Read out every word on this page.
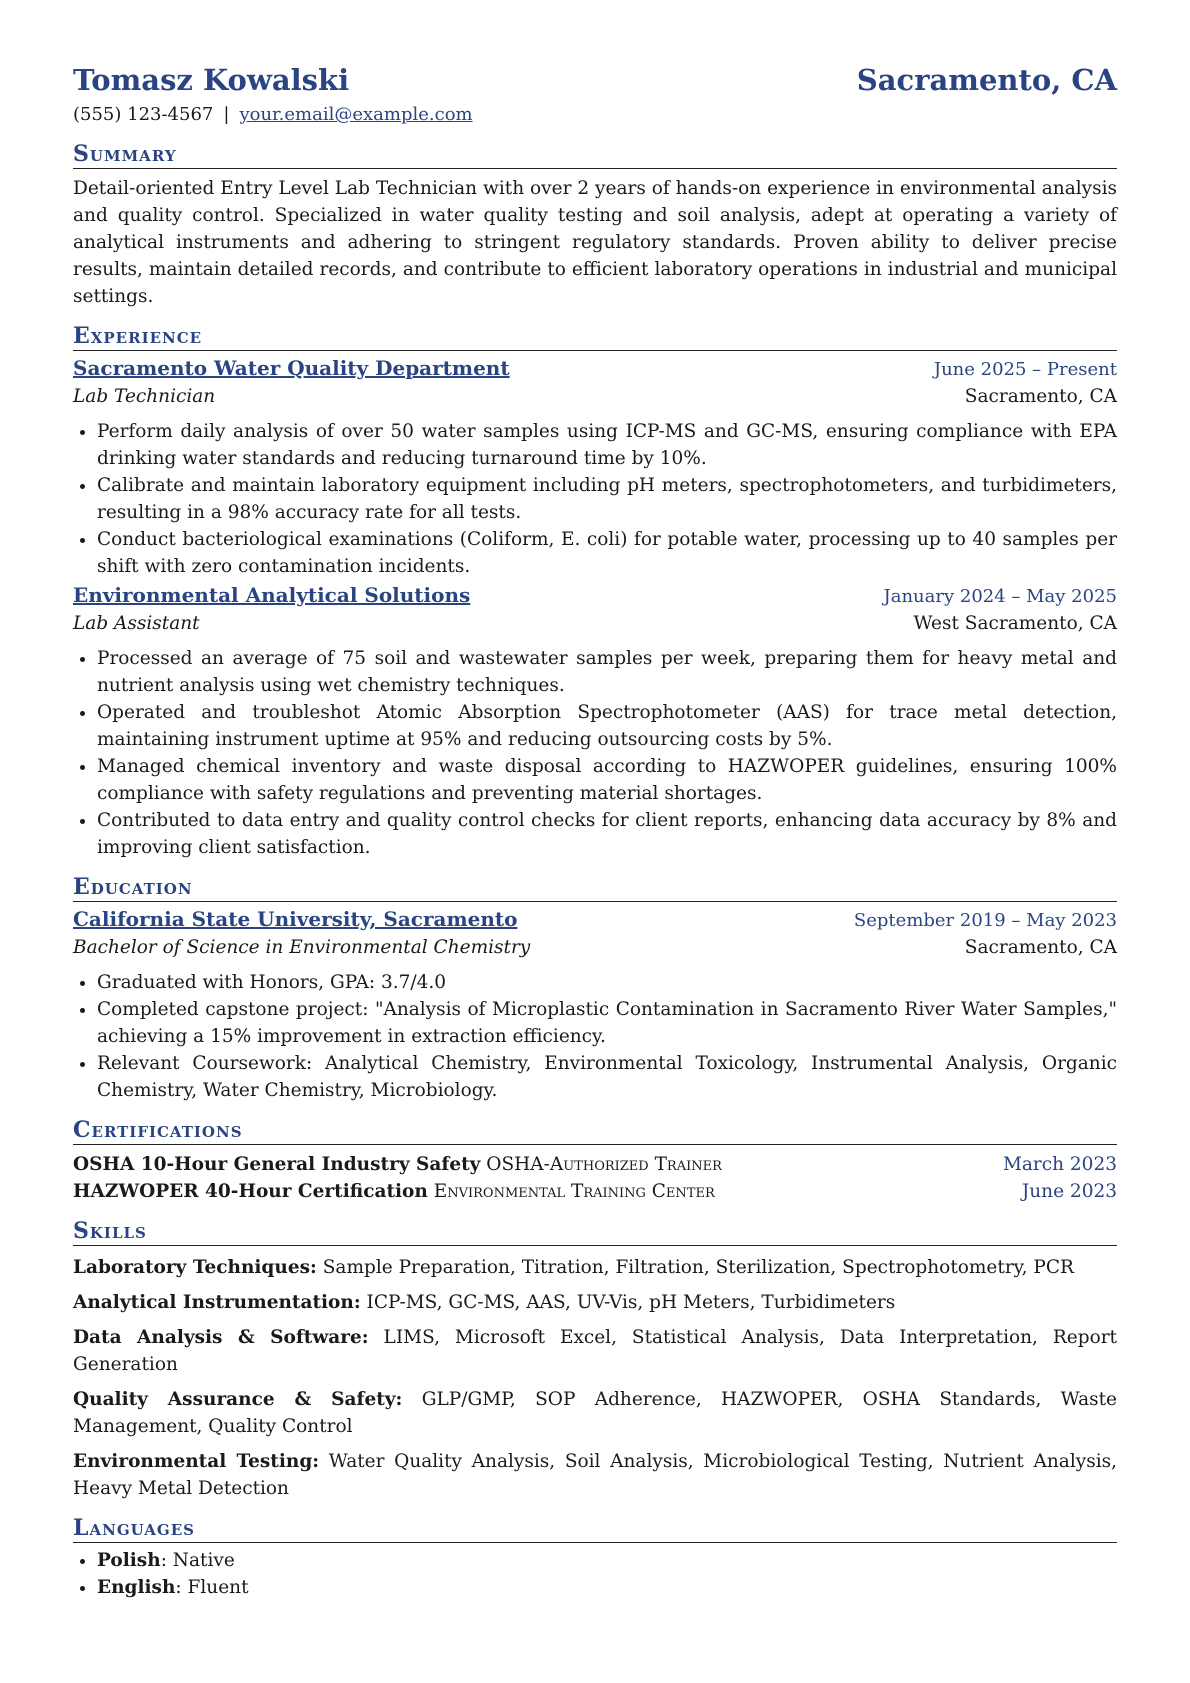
Tomasz Kowalski	Sacramento, CA
(555) 123-4567 | your.email@example.com
Summary

Detail-oriented Entry Level Lab Technician with over 2 years of hands-on experience in environmental analysis and quality control. Specialized in water quality testing and soil analysis, adept at operating a variety of analytical instruments and adhering to stringent regulatory standards. Proven ability to deliver precise results, maintain detailed records, and contribute to efficient laboratory operations in industrial and municipal settings.

Experience
Sacramento Water Quality Department	June 2025 – Present
Lab Technician	Sacramento, CA
• Perform daily analysis of over 50 water samples using ICP-MS and GC-MS, ensuring compliance with EPA drinking water standards and reducing turnaround time by 10%.
• Calibrate and maintain laboratory equipment including pH meters, spectrophotometers, and turbidimeters, resulting in a 98% accuracy rate for all tests.
• Conduct bacteriological examinations (Coliform, E. coli) for potable water, processing up to 40 samples per shift with zero contamination incidents.
Environmental Analytical Solutions	January 2024 – May 2025
Lab Assistant	West Sacramento, CA
• Processed an average of 75 soil and wastewater samples per week, preparing them for heavy metal and nutrient analysis using wet chemistry techniques.
• Operated and troubleshot Atomic Absorption Spectrophotometer (AAS) for trace metal detection, maintaining instrument uptime at 95% and reducing outsourcing costs by 5%.
• Managed chemical inventory and waste disposal according to HAZWOPER guidelines, ensuring 100% compliance with safety regulations and preventing material shortages.
• Contributed to data entry and quality control checks for client reports, enhancing data accuracy by 8% and improving client satisfaction.
Education
California State University, Sacramento	September 2019 – May 2023
Bachelor of Science in Environmental Chemistry	Sacramento, CA
• Graduated with Honors, GPA: 3.7/4.0
• Completed capstone project: "Analysis of Microplastic Contamination in Sacramento River Water Samples," achieving a 15% improvement in extraction efficiency.
• Relevant Coursework: Analytical Chemistry, Environmental Toxicology, Instrumental Analysis, Organic Chemistry, Water Chemistry, Microbiology.
Certifications
OSHA 10-Hour General Industry Safety OSHA-Authorized Trainer	March 2023
HAZWOPER 40-Hour Certification Environmental Training Center	June 2023
Skills
Laboratory Techniques: Sample Preparation, Titration, Filtration, Sterilization, Spectrophotometry, PCR
Analytical Instrumentation: ICP-MS, GC-MS, AAS, UV-Vis, pH Meters, Turbidimeters
Data Analysis & Software: LIMS, Microsoft Excel, Statistical Analysis, Data Interpretation, Report Generation
Quality Assurance & Safety: GLP/GMP, SOP Adherence, HAZWOPER, OSHA Standards, Waste Management, Quality Control
Environmental Testing: Water Quality Analysis, Soil Analysis, Microbiological Testing, Nutrient Analysis, Heavy Metal Detection
Languages
• Polish: Native
• English: Fluent
